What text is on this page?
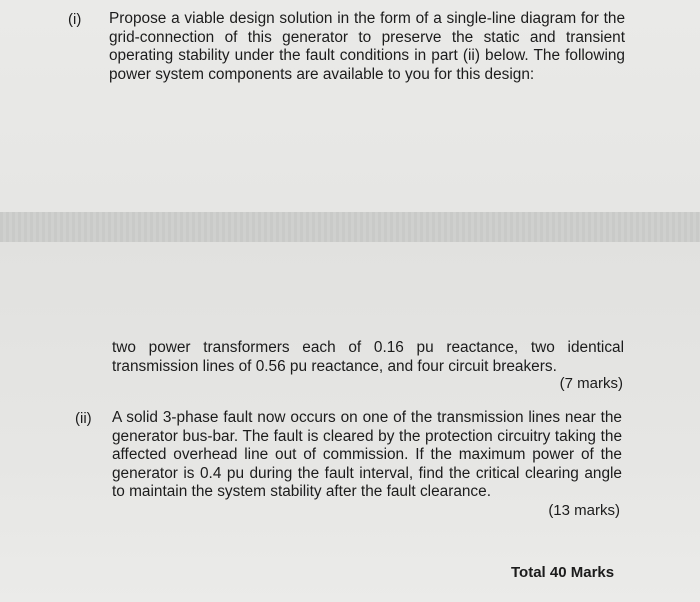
(i) Propose a viable design solution in the form of a single-line diagram for the grid-connection of this generator to preserve the static and transient operating stability under the fault conditions in part (ii) below. The following power system components are available to you for this design:
two power transformers each of 0.16 pu reactance, two identical transmission lines of 0.56 pu reactance, and four circuit breakers.
(7 marks)
(ii) A solid 3-phase fault now occurs on one of the transmission lines near the generator bus-bar. The fault is cleared by the protection circuitry taking the affected overhead line out of commission. If the maximum power of the generator is 0.4 pu during the fault interval, find the critical clearing angle to maintain the system stability after the fault clearance.
(13 marks)
Total 40 Marks
